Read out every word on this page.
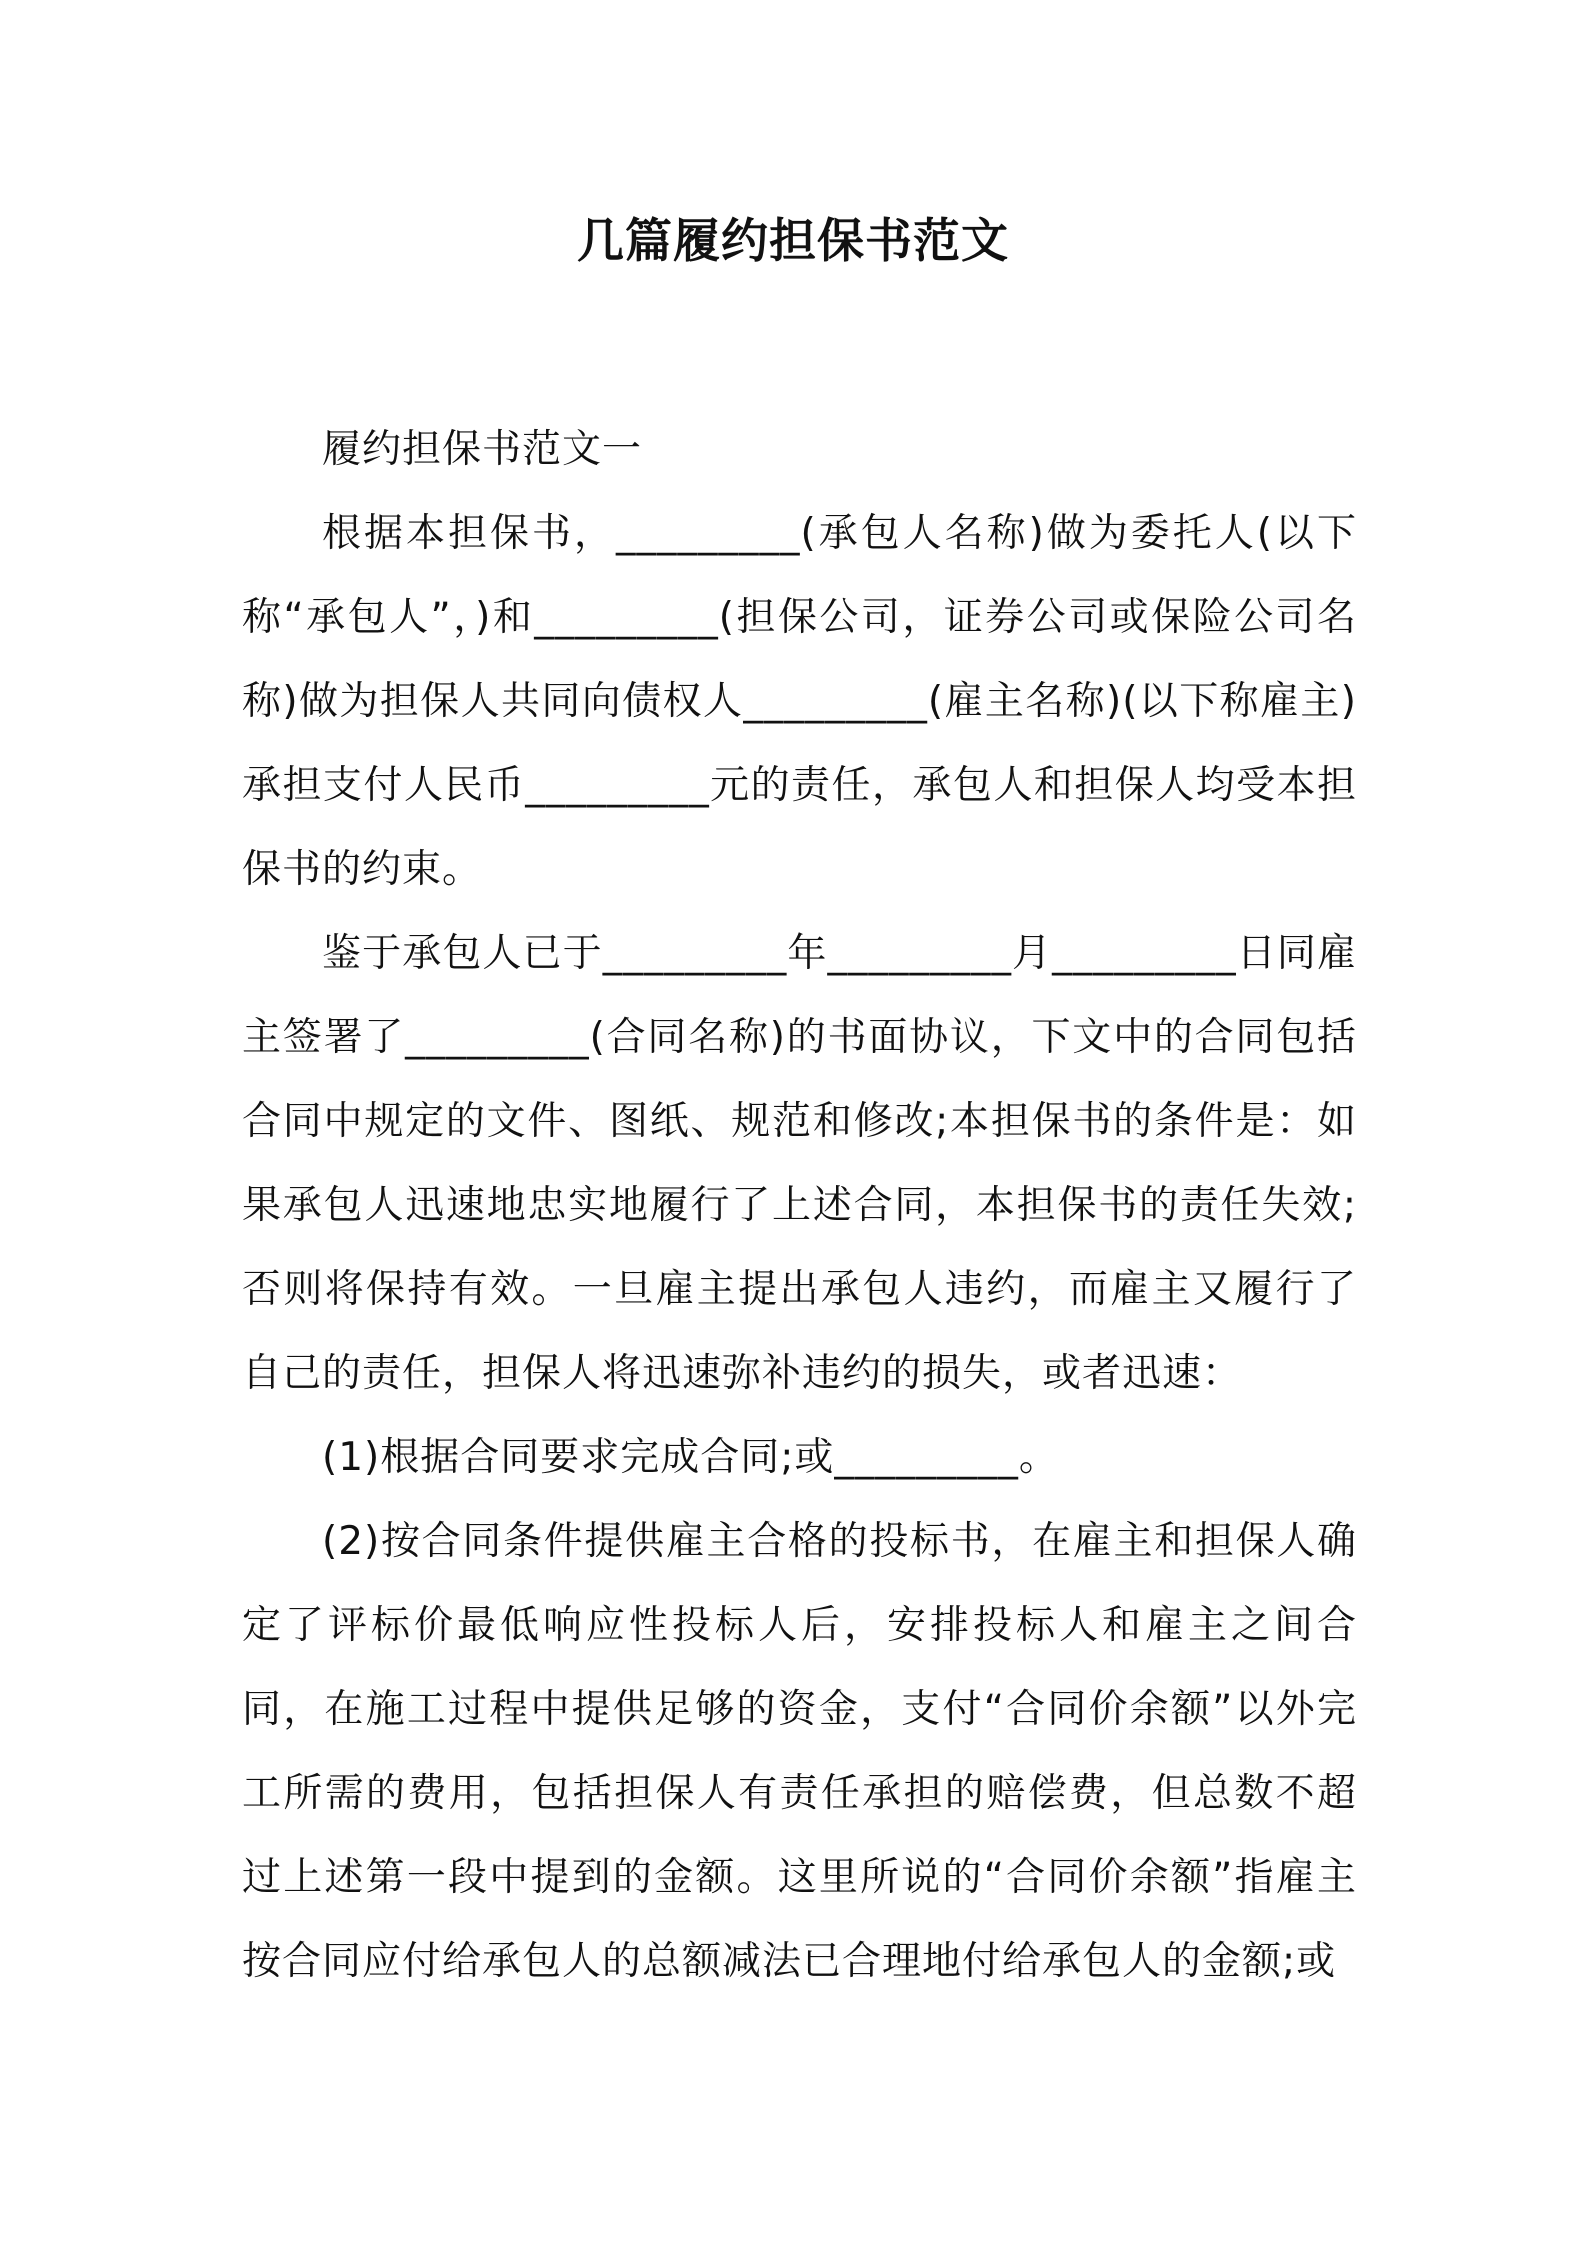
几篇履约担保书范文

履约担保书范文一

根据本担保书，_________(承包人名称)做为委托人(以下称“承包人”，)和_________(担保公司，证券公司或保险公司名称)做为担保人共同向债权人_________(雇主名称)(以下称雇主)承担支付人民币_________元的责任，承包人和担保人均受本担保书的约束。

鉴于承包人已于_________年_________月_________日同雇主签署了_________(合同名称)的书面协议，下文中的合同包括合同中规定的文件、图纸、规范和修改;本担保书的条件是：如果承包人迅速地忠实地履行了上述合同，本担保书的责任失效;否则将保持有效。一旦雇主提出承包人违约，而雇主又履行了自己的责任，担保人将迅速弥补违约的损失，或者迅速：

(1)根据合同要求完成合同;或_________。

(2)按合同条件提供雇主合格的投标书，在雇主和担保人确定了评标价最低响应性投标人后，安排投标人和雇主之间合同，在施工过程中提供足够的资金，支付“合同价余额”以外完工所需的费用，包括担保人有责任承担的赔偿费，但总数不超过上述第一段中提到的金额。这里所说的“合同价余额”指雇主按合同应付给承包人的总额减法已合理地付给承包人的金额;或
